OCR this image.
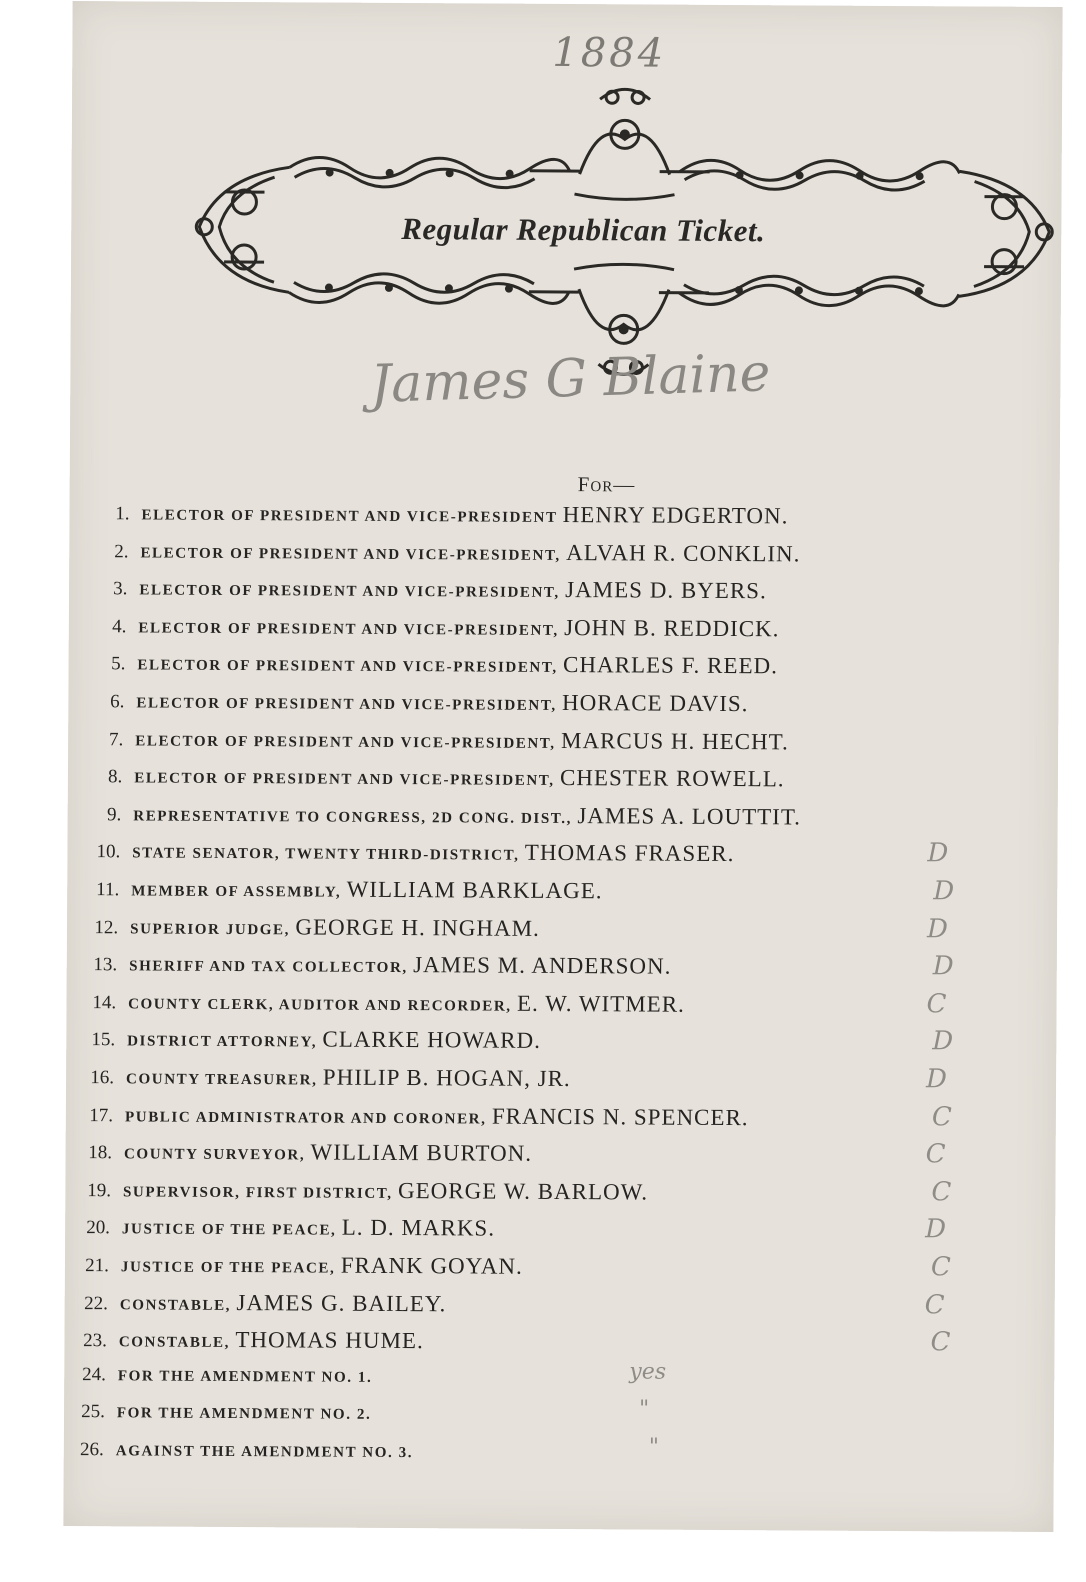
1884
Regular Republican Ticket.
James G Blaine
For—
1. ELECTOR OF PRESIDENT AND VICE-PRESIDENT HENRY EDGERTON.
2. ELECTOR OF PRESIDENT AND VICE-PRESIDENT, ALVAH R. CONKLIN.
3. ELECTOR OF PRESIDENT AND VICE-PRESIDENT, JAMES D. BYERS.
4. ELECTOR OF PRESIDENT AND VICE-PRESIDENT, JOHN B. REDDICK.
5. ELECTOR OF PRESIDENT AND VICE-PRESIDENT, CHARLES F. REED.
6. ELECTOR OF PRESIDENT AND VICE-PRESIDENT, HORACE DAVIS.
7. ELECTOR OF PRESIDENT AND VICE-PRESIDENT, MARCUS H. HECHT.
8. ELECTOR OF PRESIDENT AND VICE-PRESIDENT, CHESTER ROWELL.
9. REPRESENTATIVE TO CONGRESS, 2D CONG. DIST., JAMES A. LOUTTIT.
10. STATE SENATOR, TWENTY THIRD-DISTRICT, THOMAS FRASER.
11. MEMBER OF ASSEMBLY, WILLIAM BARKLAGE.
12. SUPERIOR JUDGE, GEORGE H. INGHAM.
13. SHERIFF AND TAX COLLECTOR, JAMES M. ANDERSON.
14. COUNTY CLERK, AUDITOR AND RECORDER, E. W. WITMER.
15. DISTRICT ATTORNEY, CLARKE HOWARD.
16. COUNTY TREASURER, PHILIP B. HOGAN, JR.
17. PUBLIC ADMINISTRATOR AND CORONER, FRANCIS N. SPENCER.
18. COUNTY SURVEYOR, WILLIAM BURTON.
19. SUPERVISOR, FIRST DISTRICT, GEORGE W. BARLOW.
20. JUSTICE OF THE PEACE, L. D. MARKS.
21. JUSTICE OF THE PEACE, FRANK GOYAN.
22. CONSTABLE, JAMES G. BAILEY.
23. CONSTABLE, THOMAS HUME.
24. FOR THE AMENDMENT NO. 1.
25. FOR THE AMENDMENT NO. 2.
26. AGAINST THE AMENDMENT NO. 3.
D
D
D
D
C
D
D
C
C
C
D
C
C
C
yes
"
"
